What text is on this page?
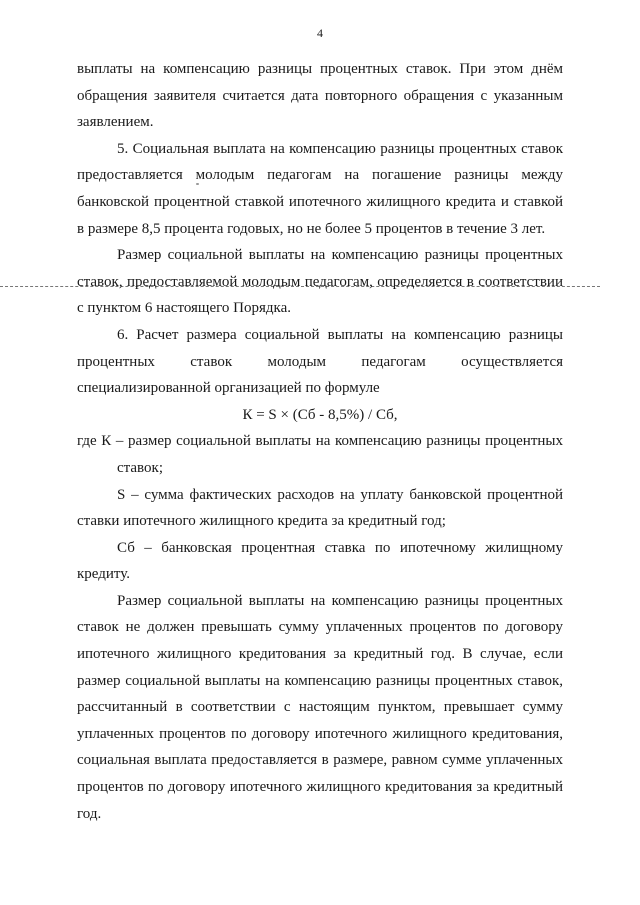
4

выплаты на компенсацию разницы процентных ставок. При этом днём обращения заявителя считается дата повторного обращения с указанным заявлением.

5. Социальная выплата на компенсацию разницы процентных ставок предоставляется молодым педагогам на погашение разницы между банковской процентной ставкой ипотечного жилищного кредита и ставкой в размере 8,5 процента годовых, но не более 5 процентов в течение 3 лет.

Размер социальной выплаты на компенсацию разницы процентных ставок, предоставляемой молодым педагогам, определяется в соответствии с пунктом 6 настоящего Порядка.

6. Расчет размера социальной выплаты на компенсацию разницы процентных ставок молодым педагогам осуществляется специализированной организацией по формуле

К = S × (Сб - 8,5%) / Сб,

где К – размер социальной выплаты на компенсацию разницы процентных ставок;

S – сумма фактических расходов на уплату банковской процентной ставки ипотечного жилищного кредита за кредитный год;

Сб – банковская процентная ставка по ипотечному жилищному кредиту.

Размер социальной выплаты на компенсацию разницы процентных ставок не должен превышать сумму уплаченных процентов по договору ипотечного жилищного кредитования за кредитный год. В случае, если размер социальной выплаты на компенсацию разницы процентных ставок, рассчитанный в соответствии с настоящим пунктом, превышает сумму уплаченных процентов по договору ипотечного жилищного кредитования, социальная выплата предоставляется в размере, равном сумме уплаченных процентов по договору ипотечного жилищного кредитования за кредитный год.
